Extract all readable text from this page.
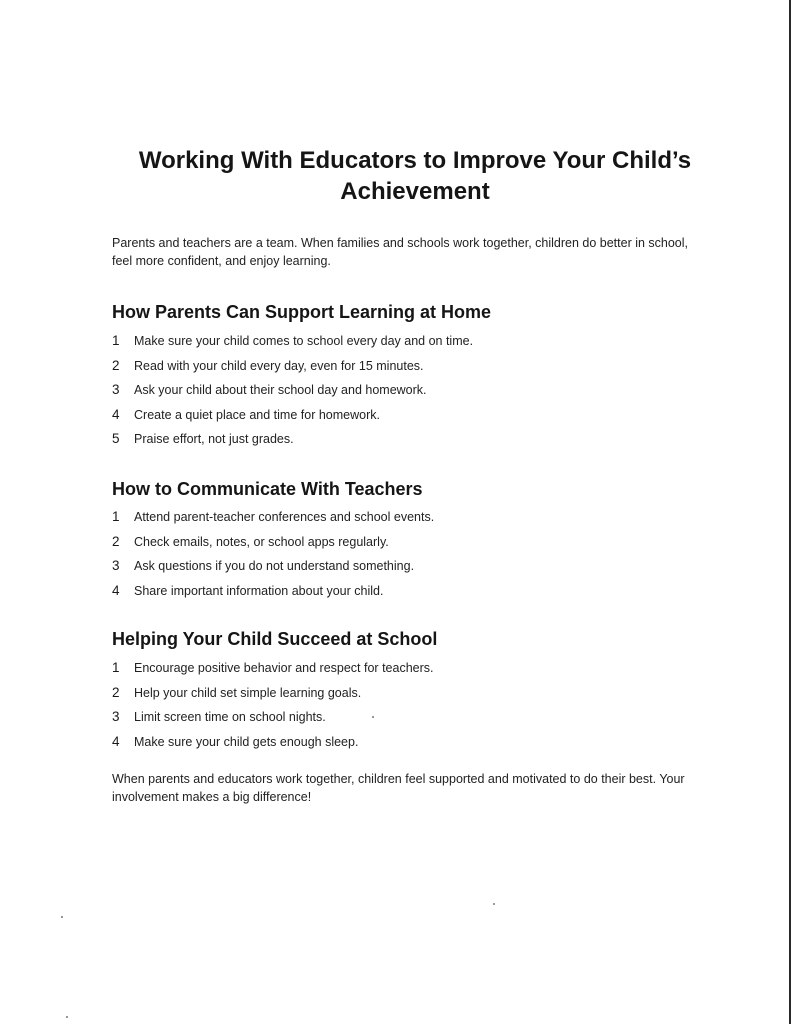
Working With Educators to Improve Your Child’s Achievement

Parents and teachers are a team. When families and schools work together, children do better in school, feel more confident, and enjoy learning.

How Parents Can Support Learning at Home
1	Make sure your child comes to school every day and on time.
2	Read with your child every day, even for 15 minutes.
3	Ask your child about their school day and homework.
4	Create a quiet place and time for homework.
5	Praise effort, not just grades.
How to Communicate With Teachers
1	Attend parent-teacher conferences and school events.
2	Check emails, notes, or school apps regularly.
3	Ask questions if you do not understand something.
4	Share important information about your child.
Helping Your Child Succeed at School
1	Encourage positive behavior and respect for teachers.
2	Help your child set simple learning goals.
3	Limit screen time on school nights.
4	Make sure your child gets enough sleep.

When parents and educators work together, children feel supported and motivated to do their best. Your involvement makes a big difference!
